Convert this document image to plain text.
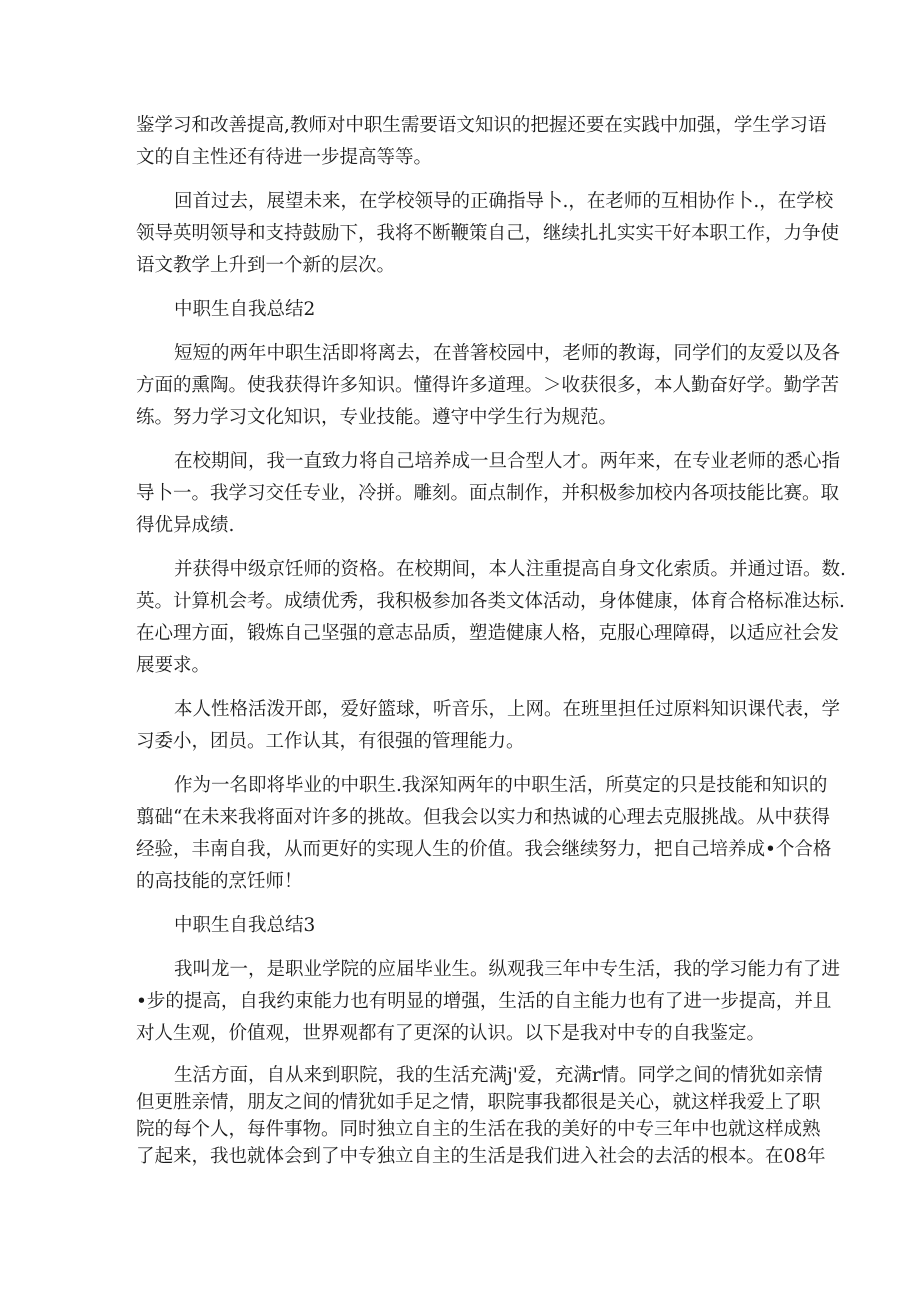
鉴学习和改善提高,教师对中职生需要语文知识的把握还要在实践中加强，学生学习语
文的自主性还有待进一步提高等等。
回首过去，展望未来，在学校领导的正确指导卜.，在老师的互相协作卜.，在学校
领导英明领导和支持鼓励下，我将不断鞭策自己，继续扎扎实实干好本职工作，力争使
语文教学上升到一个新的层次。
中职生自我总结2
短短的两年中职生活即将离去，在普箸校园中，老师的教诲，同学们的友爱以及各
方面的熏陶。使我获得许多知识。懂得许多道理。＞收获很多，本人勤奋好学。勤学苦
练。努力学习文化知识，专业技能。遵守中学生行为规范。
在校期间，我一直致力将自己培养成一旦合型人才。两年来，在专业老师的悉心指
导卜一。我学习交任专业，冷拼。雕刻。面点制作，并积极参加校内各项技能比赛。取
得优异成绩.
并获得中级京饪师的资格。在校期间，本人注重提高自身文化索质。并通过语。数.
英。计算机会考。成绩优秀，我积极参加各类文体活动，身体健康，体育合格标准达标.
在心理方面，锻炼自己坚强的意志品质，塑造健康人格，克服心理障碍，以适应社会发
展要求。
本人性格活泼开郎，爱好篮球，听音乐，上网。在班里担任过原料知识课代表，学
习委小，团员。工作认其，有很强的管理能力。
作为一名即将毕业的中职生.我深知两年的中职生活，所莫定的只是技能和知识的
翦础“在未来我将面对许多的挑故。但我会以实力和热诚的心理去克服挑战。从中获得
经验，丰南自我，从而更好的实现人生的价值。我会继续努力，把自己培养成•个合格
的高技能的烹饪师！
中职生自我总结3
我叫龙一，是职业学院的应届毕业生。纵观我三年中专生活，我的学习能力有了进
•步的提高，自我约束能力也有明显的增强，生活的自主能力也有了进一步提高，并且
对人生观，价值观，世界观都有了更深的认识。以下是我对中专的自我鉴定。
生活方面，自从来到职院，我的生活充满j'爱，充满r情。同学之间的情犹如亲情
但更胜亲情，朋友之间的情犹如手足之情，职院事我都很是关心，就这样我爱上了职
院的每个人，每件事物。同时独立自主的生活在我的美好的中专三年中也就这样成熟
了起来，我也就体会到了中专独立自主的生活是我们进入社会的去活的根本。在08年
